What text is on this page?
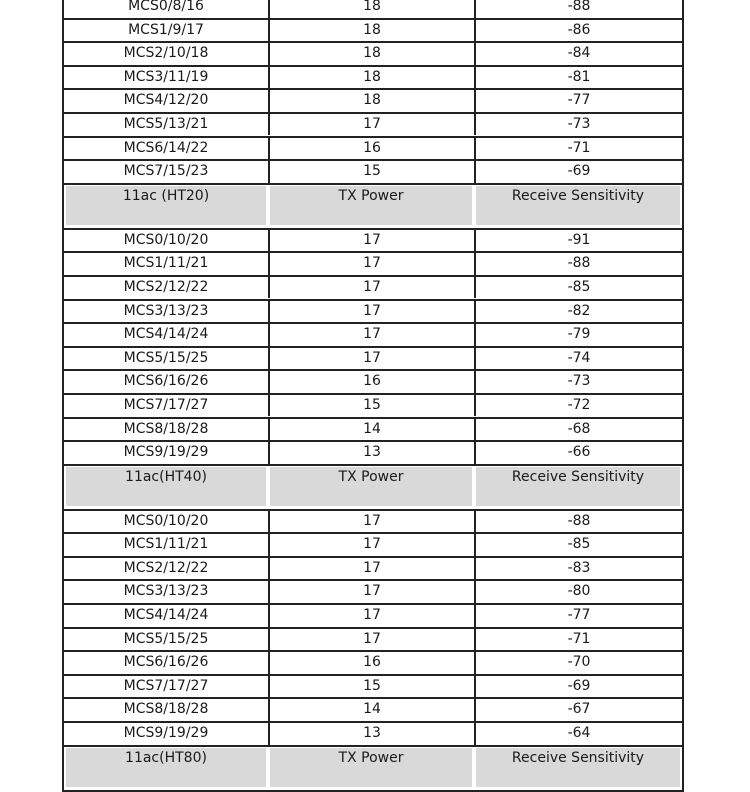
MCS0/8/16	18	-88
MCS1/9/17	18	-86
MCS2/10/18	18	-84
MCS3/11/19	18	-81
MCS4/12/20	18	-77
MCS5/13/21	17	-73
MCS6/14/22	16	-71
MCS7/15/23	15	-69
11ac (HT20)	TX Power	Receive Sensitivity
MCS0/10/20	17	-91
MCS1/11/21	17	-88
MCS2/12/22	17	-85
MCS3/13/23	17	-82
MCS4/14/24	17	-79
MCS5/15/25	17	-74
MCS6/16/26	16	-73
MCS7/17/27	15	-72
MCS8/18/28	14	-68
MCS9/19/29	13	-66
11ac(HT40)	TX Power	Receive Sensitivity
MCS0/10/20	17	-88
MCS1/11/21	17	-85
MCS2/12/22	17	-83
MCS3/13/23	17	-80
MCS4/14/24	17	-77
MCS5/15/25	17	-71
MCS6/16/26	16	-70
MCS7/17/27	15	-69
MCS8/18/28	14	-67
MCS9/19/29	13	-64
11ac(HT80)	TX Power	Receive Sensitivity
